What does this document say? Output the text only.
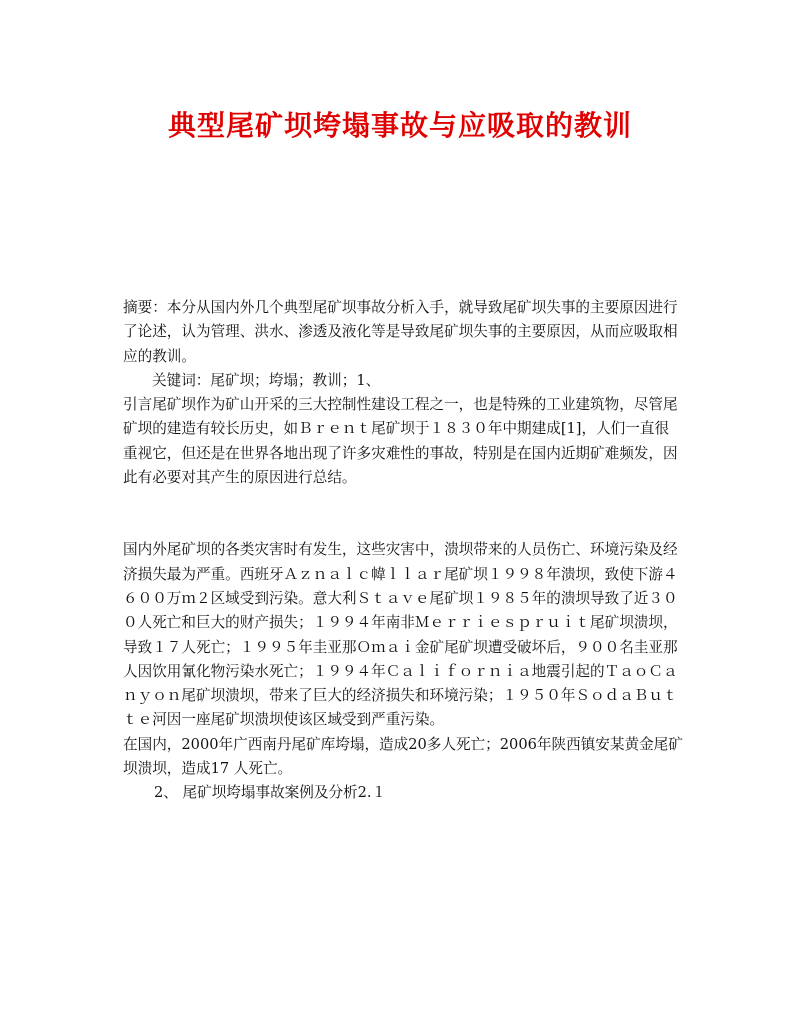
典型尾矿坝垮塌事故与应吸取的教训

摘要：本分从国内外几个典型尾矿坝事故分析入手，就导致尾矿坝失事的主要原因进行了论述，认为管理、洪水、渗透及液化等是导致尾矿坝失事的主要原因，从而应吸取相应的教训。

关键词：尾矿坝；垮塌；教训；1、

引言尾矿坝作为矿山开采的三大控制性建设工程之一，也是特殊的工业建筑物，尽管尾矿坝的建造有较长历史，如Ｂｒｅｎｔ尾矿坝于１８３０年中期建成[1]，人们一直很重视它，但还是在世界各地出现了许多灾难性的事故，特别是在国内近期矿难频发，因此有必要对其产生的原因进行总结。

国内外尾矿坝的各类灾害时有发生，这些灾害中，溃坝带来的人员伤亡、环境污染及经济损失最为严重。西班牙Ａｚｎａｌｃ幃ｌｌａｒ尾矿坝１９９８年溃坝，致使下游４６００万ｍ２区域受到污染。意大利Ｓｔａｖｅ尾矿坝１９８５年的溃坝导致了近３００人死亡和巨大的财产损失；１９９４年南非Ｍｅｒｒｉｅｓｐｒｕｉｔ尾矿坝溃坝，导致１７人死亡；１９９５年圭亚那Ｏｍａｉ金矿尾矿坝遭受破坏后，９００名圭亚那人因饮用氰化物污染水死亡；１９９４年Ｃａｌｉｆｏｒｎｉａ地震引起的ＴａｏＣａｎｙｏｎ尾矿坝溃坝，带来了巨大的经济损失和环境污染；１９５０年ＳｏｄａＢｕｔｔｅ河因一座尾矿坝溃坝使该区域受到严重污染。

在国内，2000年广西南丹尾矿库垮塌，造成20多人死亡；2006年陕西镇安某黄金尾矿坝溃坝，造成17 人死亡。

2、 尾矿坝垮塌事故案例及分析2.１
